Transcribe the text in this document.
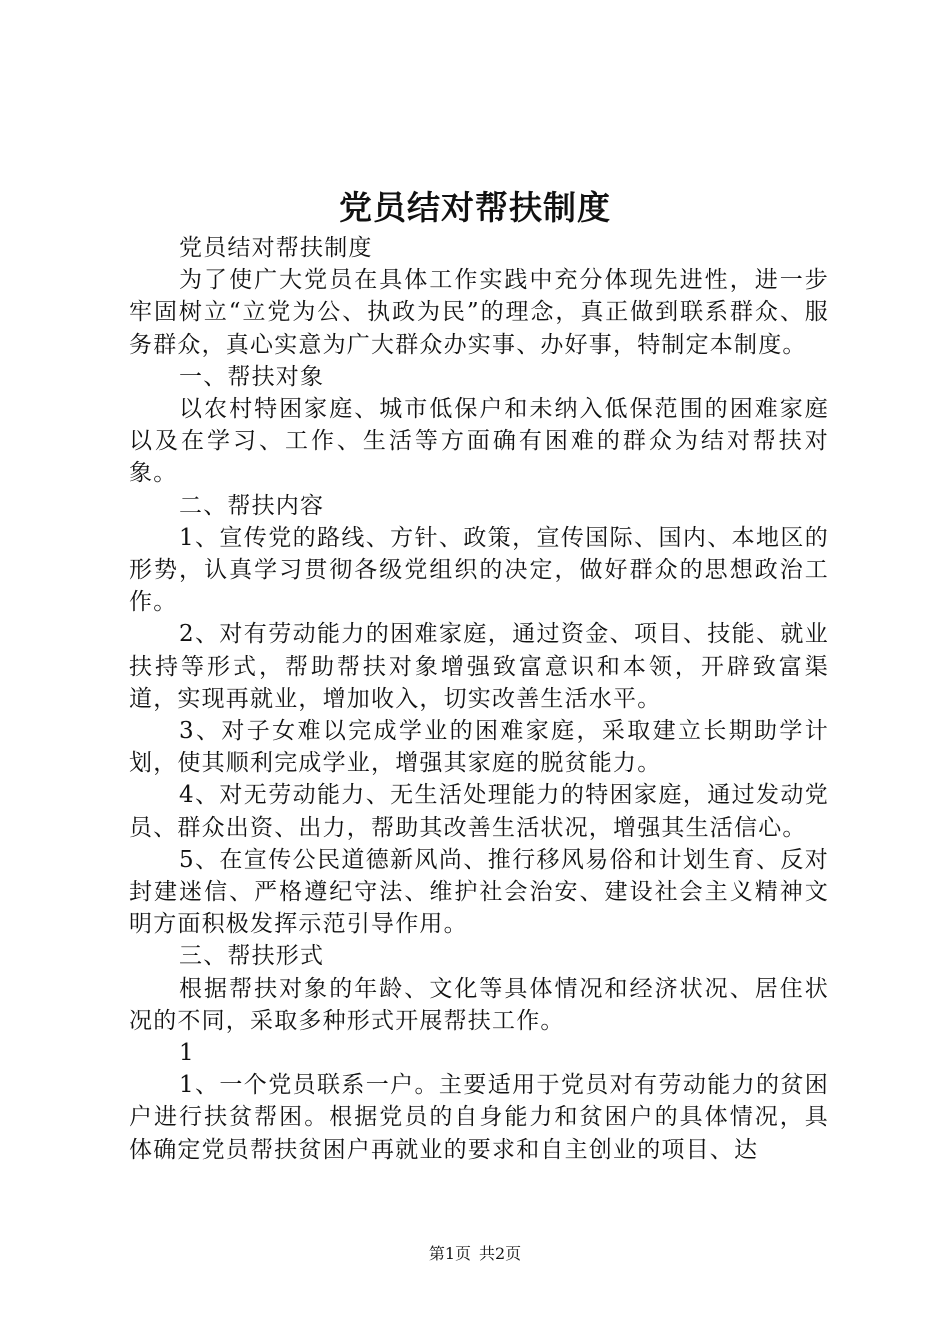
党员结对帮扶制度

党员结对帮扶制度

为了使广大党员在具体工作实践中充分体现先进性，进一步牢固树立“立党为公、执政为民”的理念，真正做到联系群众、服务群众，真心实意为广大群众办实事、办好事，特制定本制度。

一、帮扶对象

以农村特困家庭、城市低保户和未纳入低保范围的困难家庭以及在学习、工作、生活等方面确有困难的群众为结对帮扶对象。

二、帮扶内容

1、宣传党的路线、方针、政策，宣传国际、国内、本地区的形势，认真学习贯彻各级党组织的决定，做好群众的思想政治工作。

2、对有劳动能力的困难家庭，通过资金、项目、技能、就业扶持等形式，帮助帮扶对象增强致富意识和本领，开辟致富渠道，实现再就业，增加收入，切实改善生活水平。

3、对子女难以完成学业的困难家庭，采取建立长期助学计划，使其顺利完成学业，增强其家庭的脱贫能力。

4、对无劳动能力、无生活处理能力的特困家庭，通过发动党员、群众出资、出力，帮助其改善生活状况，增强其生活信心。

5、在宣传公民道德新风尚、推行移风易俗和计划生育、反对封建迷信、严格遵纪守法、维护社会治安、建设社会主义精神文明方面积极发挥示范引导作用。

三、帮扶形式

根据帮扶对象的年龄、文化等具体情况和经济状况、居住状况的不同，采取多种形式开展帮扶工作。

1

1、一个党员联系一户。主要适用于党员对有劳动能力的贫困户进行扶贫帮困。根据党员的自身能力和贫困户的具体情况，具体确定党员帮扶贫困户再就业的要求和自主创业的项目、达

第1页 共2页
